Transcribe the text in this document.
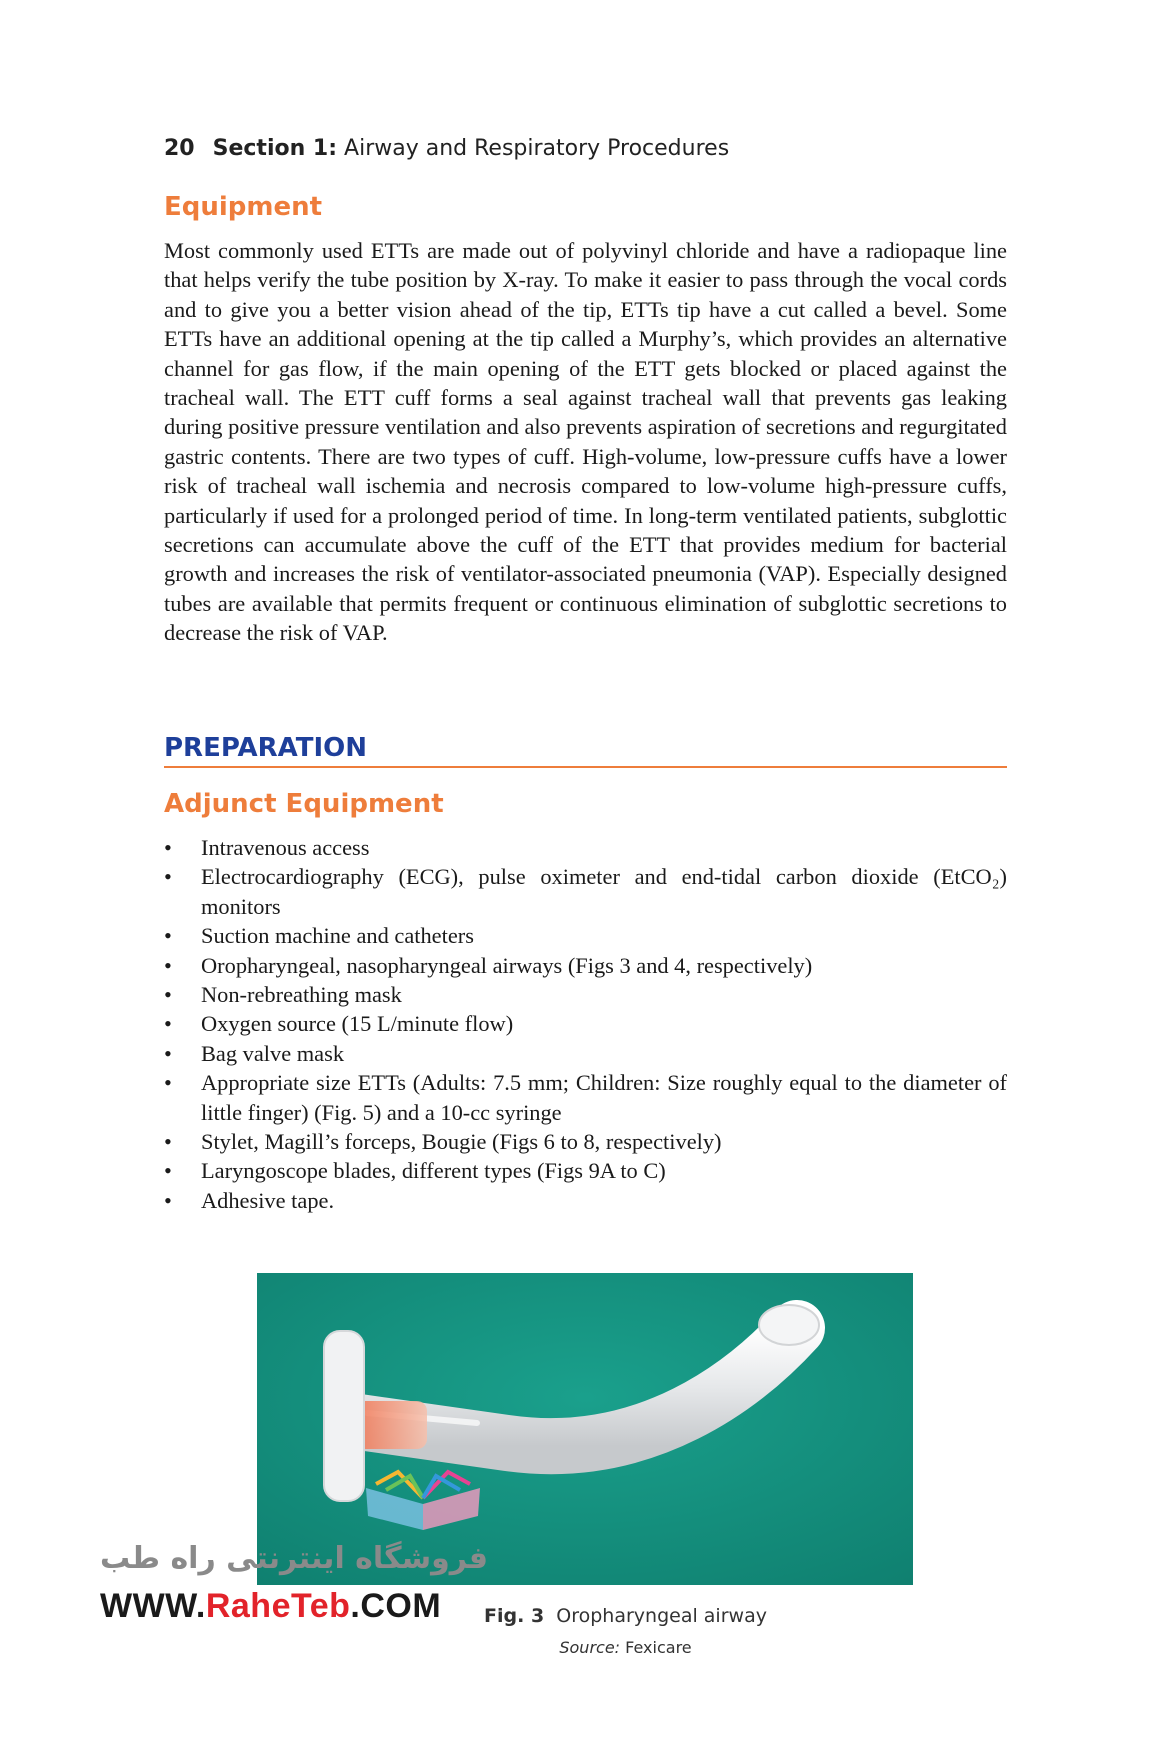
20 Section 1: Airway and Respiratory Procedures
Equipment
Most commonly used ETTs are made out of polyvinyl chloride and have a radiopaque line that helps verify the tube position by X-ray. To make it easier to pass through the vocal cords and to give you a better vision ahead of the tip, ETTs tip have a cut called a bevel. Some ETTs have an additional opening at the tip called a Murphy’s, which provides an alternative channel for gas flow, if the main opening of the ETT gets blocked or placed against the tracheal wall. The ETT cuff forms a seal against tracheal wall that prevents gas leaking during positive pressure ventilation and also prevents aspiration of secretions and regurgitated gastric contents. There are two types of cuff. High-volume, low-pressure cuffs have a lower risk of tracheal wall ischemia and necrosis compared to low-volume high-pressure cuffs, particularly if used for a prolonged period of time. In long-term ventilated patients, subglottic secretions can accumulate above the cuff of the ETT that provides medium for bacterial growth and increases the risk of ventilator-associated pneumonia (VAP). Especially designed tubes are available that permits frequent or continuous elimination of subglottic secretions to decrease the risk of VAP.
PREPARATION
Adjunct Equipment
• Intravenous access
• Electrocardiography (ECG), pulse oximeter and end-tidal carbon dioxide (EtCO₂) monitors
• Suction machine and catheters
• Oropharyngeal, nasopharyngeal airways (Figs 3 and 4, respectively)
• Non-rebreathing mask
• Oxygen source (15 L/minute flow)
• Bag valve mask
• Appropriate size ETTs (Adults: 7.5 mm; Children: Size roughly equal to the diameter of little finger) (Fig. 5) and a 10-cc syringe
• Stylet, Magill’s forceps, Bougie (Figs 6 to 8, respectively)
• Laryngoscope blades, different types (Figs 9A to C)
• Adhesive tape.
فروشگاه اینترنتی راه طب
WWW.RaheTeb.COM	Fig. 3 Oropharyngeal airway
Source: Fexicare
